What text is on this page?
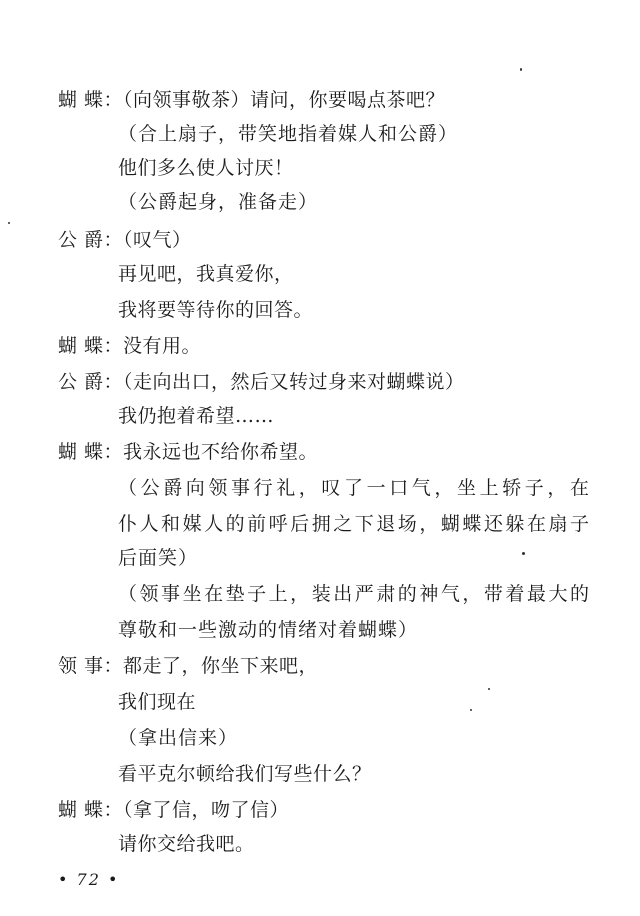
蝴 蝶：（向领事敬茶）请问，你要喝点茶吧？
（合上扇子，带笑地指着媒人和公爵）
他们多么使人讨厌！
（公爵起身，准备走）
公 爵：（叹气）
再见吧，我真爱你，
我将要等待你的回答。
蝴 蝶：没有用。
公 爵：（走向出口，然后又转过身来对蝴蝶说）
我仍抱着希望……
蝴 蝶：我永远也不给你希望。
（公爵向领事行礼，叹了一口气，坐上轿子，在
仆人和媒人的前呼后拥之下退场，蝴蝶还躲在扇子
后面笑）
（领事坐在垫子上，装出严肃的神气，带着最大的
尊敬和一些激动的情绪对着蝴蝶）
领 事：都走了，你坐下来吧，
我们现在
（拿出信来）
看平克尔顿给我们写些什么？
蝴 蝶：（拿了信，吻了信）
请你交给我吧。
• 72 •
